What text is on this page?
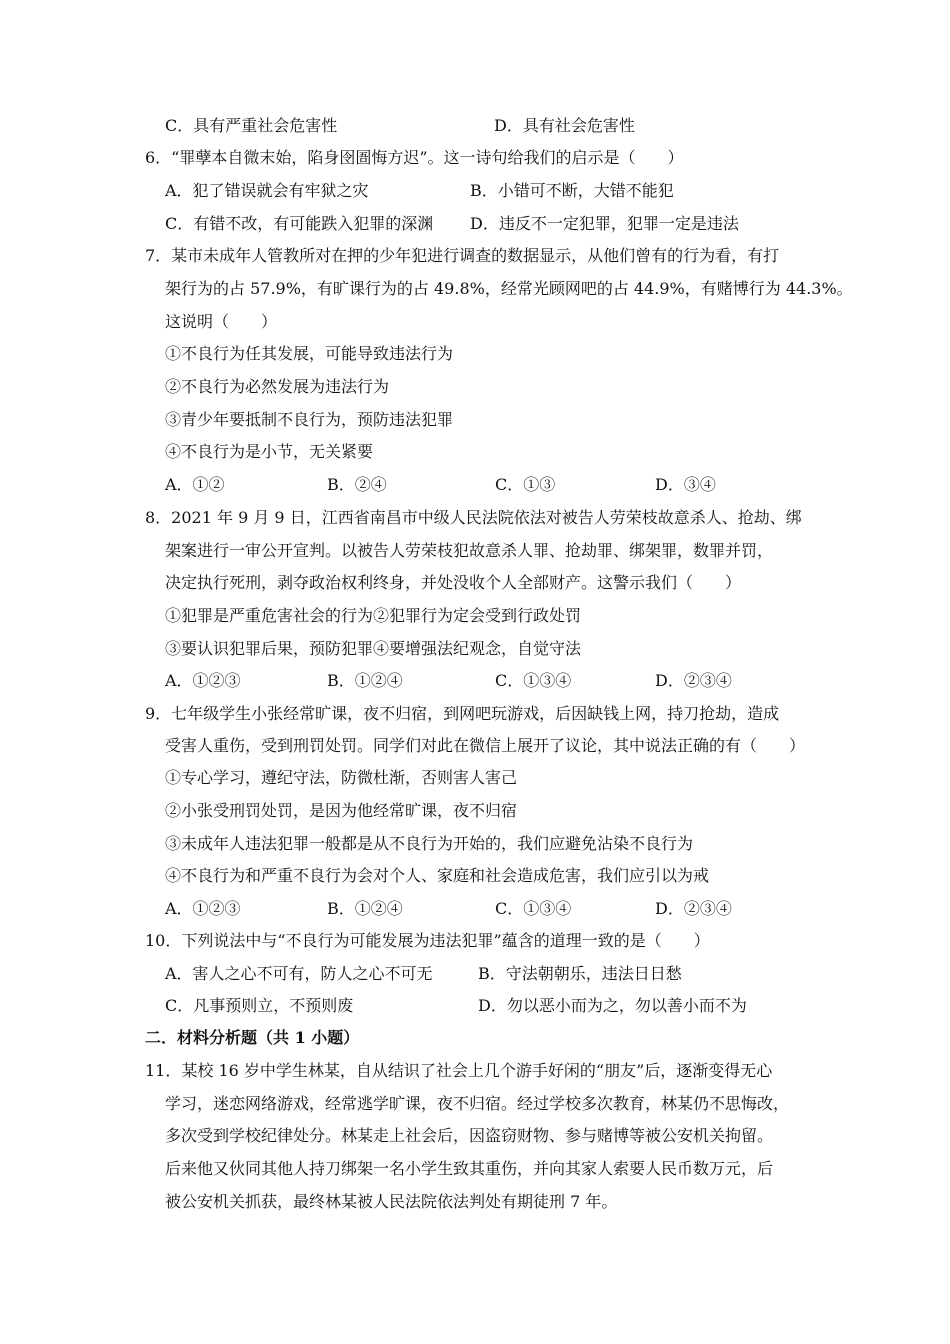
C．具有严重社会危害性	D．具有社会危害性
6．“罪孽本自微末始，陷身囹圄悔方迟”。这一诗句给我们的启示是（　　）
A．犯了错误就会有牢狱之灾	B．小错可不断，大错不能犯
C．有错不改，有可能跌入犯罪的深渊 D．违反不一定犯罪，犯罪一定是违法
7．某市未成年人管教所对在押的少年犯进行调查的数据显示，从他们曾有的行为看，有打
架行为的占 57.9%，有旷课行为的占 49.8%，经常光顾网吧的占 44.9%，有赌博行为 44.3%。
这说明（　　）
①不良行为任其发展，可能导致违法行为
②不良行为必然发展为违法行为
③青少年要抵制不良行为，预防违法犯罪
④不良行为是小节，无关紧要
A．①②	B．②④	C．①③	D．③④
8．2021 年 9 月 9 日，江西省南昌市中级人民法院依法对被告人劳荣枝故意杀人、抢劫、绑
架案进行一审公开宣判。以被告人劳荣枝犯故意杀人罪、抢劫罪、绑架罪，数罪并罚，
决定执行死刑，剥夺政治权利终身，并处没收个人全部财产。这警示我们（　　）
①犯罪是严重危害社会的行为②犯罪行为定会受到行政处罚
③要认识犯罪后果，预防犯罪④要增强法纪观念，自觉守法
A．①②③	B．①②④	C．①③④	D．②③④
9．七年级学生小张经常旷课，夜不归宿，到网吧玩游戏，后因缺钱上网，持刀抢劫，造成
受害人重伤，受到刑罚处罚。同学们对此在微信上展开了议论，其中说法正确的有（　　）
①专心学习，遵纪守法，防微杜渐，否则害人害己
②小张受刑罚处罚，是因为他经常旷课，夜不归宿
③未成年人违法犯罪一般都是从不良行为开始的，我们应避免沾染不良行为
④不良行为和严重不良行为会对个人、家庭和社会造成危害，我们应引以为戒
A．①②③	B．①②④	C．①③④	D．②③④
10．下列说法中与“不良行为可能发展为违法犯罪”蕴含的道理一致的是（　　）
A．害人之心不可有，防人之心不可无	B．守法朝朝乐，违法日日愁
C．凡事预则立，不预则废	D．勿以恶小而为之，勿以善小而不为
二．材料分析题（共 1 小题）
11．某校 16 岁中学生林某，自从结识了社会上几个游手好闲的“朋友”后，逐渐变得无心
学习，迷恋网络游戏，经常逃学旷课，夜不归宿。经过学校多次教育，林某仍不思悔改，
多次受到学校纪律处分。林某走上社会后，因盗窃财物、参与赌博等被公安机关拘留。
后来他又伙同其他人持刀绑架一名小学生致其重伤，并向其家人索要人民币数万元，后
被公安机关抓获，最终林某被人民法院依法判处有期徒刑 7 年。
